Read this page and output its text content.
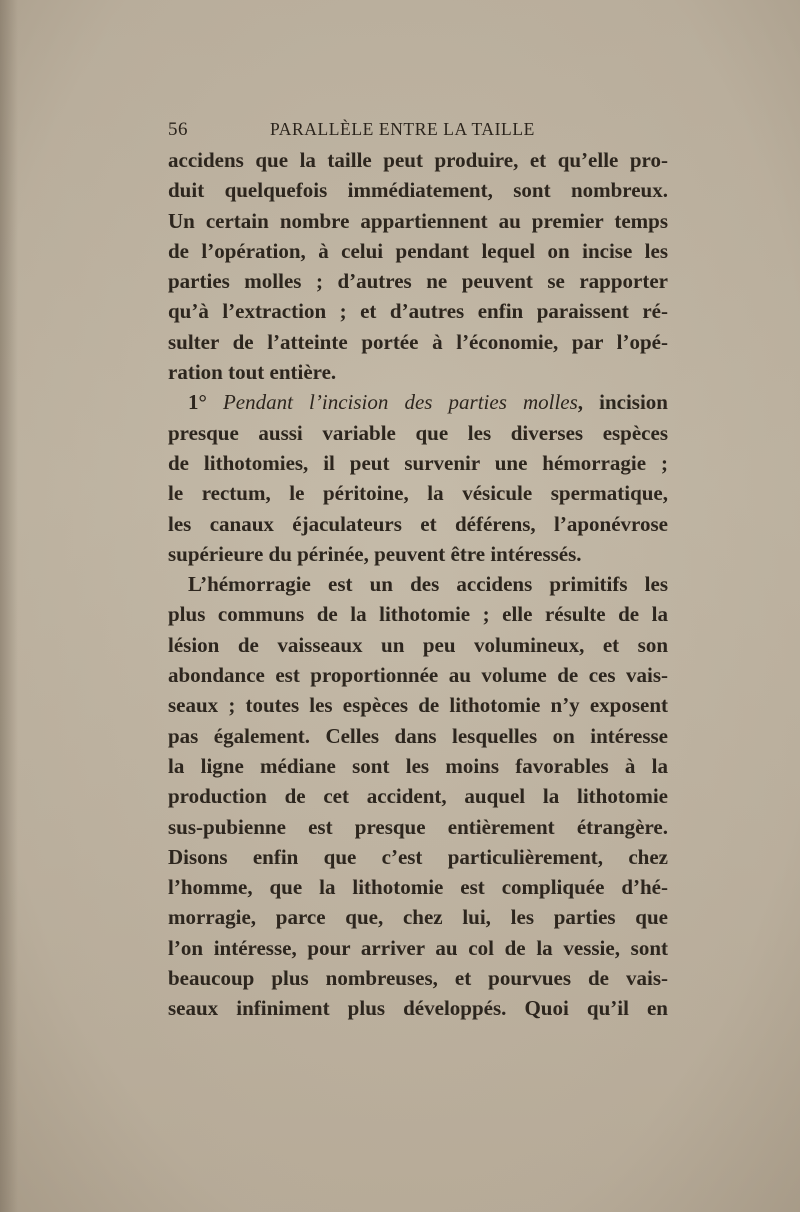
56	PARALLÈLE ENTRE LA TAILLE
accidens que la taille peut produire, et qu’elle pro-
duit quelquefois immédiatement, sont nombreux.
Un certain nombre appartiennent au premier temps
de l’opération, à celui pendant lequel on incise les
parties molles ; d’autres ne peuvent se rapporter
qu’à l’extraction ; et d’autres enfin paraissent ré-
sulter de l’atteinte portée à l’économie, par l’opé-
ration tout entière.
1° Pendant l’incision des parties molles, incision
presque aussi variable que les diverses espèces
de lithotomies, il peut survenir une hémorragie ;
le rectum, le péritoine, la vésicule spermatique,
les canaux éjaculateurs et déférens, l’aponévrose
supérieure du périnée, peuvent être intéressés.
L’hémorragie est un des accidens primitifs les
plus communs de la lithotomie ; elle résulte de la
lésion de vaisseaux un peu volumineux, et son
abondance est proportionnée au volume de ces vais-
seaux ; toutes les espèces de lithotomie n’y exposent
pas également. Celles dans lesquelles on intéresse
la ligne médiane sont les moins favorables à la
production de cet accident, auquel la lithotomie
sus-pubienne est presque entièrement étrangère.
Disons enfin que c’est particulièrement, chez
l’homme, que la lithotomie est compliquée d’hé-
morragie, parce que, chez lui, les parties que
l’on intéresse, pour arriver au col de la vessie, sont
beaucoup plus nombreuses, et pourvues de vais-
seaux infiniment plus développés. Quoi qu’il en
